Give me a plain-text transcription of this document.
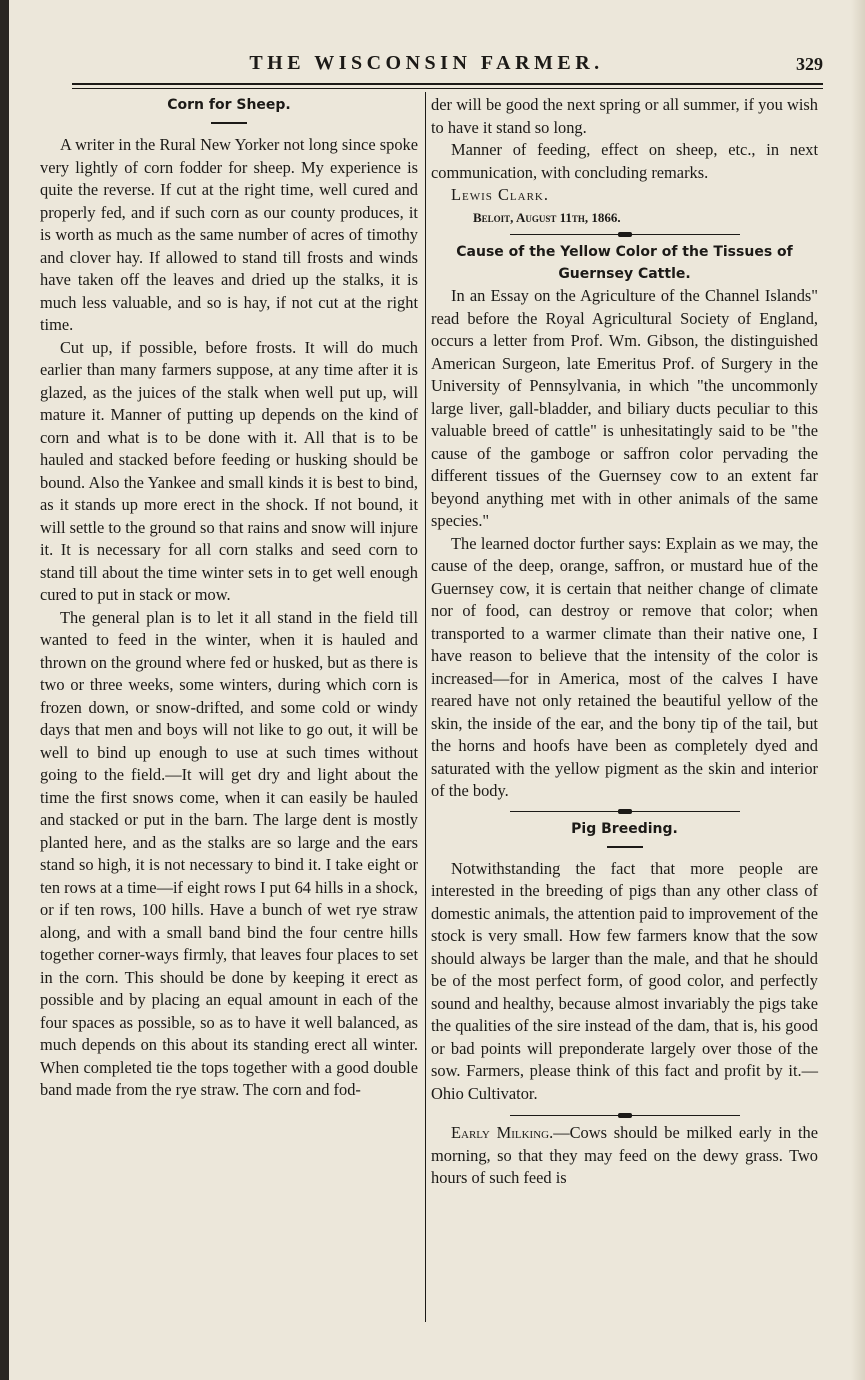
THE WISCONSIN FARMER.	329
Corn for Sheep.

A writer in the Rural New Yorker not long since spoke very lightly of corn fodder for sheep. My experience is quite the reverse. If cut at the right time, well cured and properly fed, and if such corn as our county produces, it is worth as much as the same number of acres of timothy and clover hay. If allowed to stand till frosts and winds have taken off the leaves and dried up the stalks, it is much less valuable, and so is hay, if not cut at the right time.

Cut up, if possible, before frosts. It will do much earlier than many farmers suppose, at any time after it is glazed, as the juices of the stalk when well put up, will mature it. Manner of putting up depends on the kind of corn and what is to be done with it. All that is to be hauled and stacked before feeding or husking should be bound. Also the Yankee and small kinds it is best to bind, as it stands up more erect in the shock. If not bound, it will settle to the ground so that rains and snow will injure it. It is necessary for all corn stalks and seed corn to stand till about the time winter sets in to get well enough cured to put in stack or mow.

The general plan is to let it all stand in the field till wanted to feed in the winter, when it is hauled and thrown on the ground where fed or husked, but as there is two or three weeks, some winters, during which corn is frozen down, or snow-drifted, and some cold or windy days that men and boys will not like to go out, it will be well to bind up enough to use at such times without going to the field.—It will get dry and light about the time the first snows come, when it can easily be hauled and stacked or put in the barn. The large dent is mostly planted here, and as the stalks are so large and the ears stand so high, it is not necessary to bind it. I take eight or ten rows at a time—if eight rows I put 64 hills in a shock, or if ten rows, 100 hills. Have a bunch of wet rye straw along, and with a small band bind the four centre hills together corner-ways firmly, that leaves four places to set in the corn. This should be done by keeping it erect as possible and by placing an equal amount in each of the four spaces as possible, so as to have it well balanced, as much depends on this about its standing erect all winter. When completed tie the tops together with a good double band made from the rye straw. The corn and fod-

der will be good the next spring or all summer, if you wish to have it stand so long.

Manner of feeding, effect on sheep, etc., in next communication, with concluding remarks.

Lewis Clark.

Beloit, August 11th, 1866.

Cause of the Yellow Color of the Tissues of Guernsey Cattle.

In an Essay on the Agriculture of the Channel Islands" read before the Royal Agricultural Society of England, occurs a letter from Prof. Wm. Gibson, the distinguished American Surgeon, late Emeritus Prof. of Surgery in the University of Pennsylvania, in which "the uncommonly large liver, gall-bladder, and biliary ducts peculiar to this valuable breed of cattle" is unhesitatingly said to be "the cause of the gamboge or saffron color pervading the different tissues of the Guernsey cow to an extent far beyond anything met with in other animals of the same species."

The learned doctor further says: Explain as we may, the cause of the deep, orange, saffron, or mustard hue of the Guernsey cow, it is certain that neither change of climate nor of food, can destroy or remove that color; when transported to a warmer climate than their native one, I have reason to believe that the intensity of the color is increased—for in America, most of the calves I have reared have not only retained the beautiful yellow of the skin, the inside of the ear, and the bony tip of the tail, but the horns and hoofs have been as completely dyed and saturated with the yellow pigment as the skin and interior of the body.

Pig Breeding.

Notwithstanding the fact that more people are interested in the breeding of pigs than any other class of domestic animals, the attention paid to improvement of the stock is very small. How few farmers know that the sow should always be larger than the male, and that he should be of the most perfect form, of good color, and perfectly sound and healthy, because almost invariably the pigs take the qualities of the sire instead of the dam, that is, his good or bad points will preponderate largely over those of the sow. Farmers, please think of this fact and profit by it.—Ohio Cultivator.

Early Milking.—Cows should be milked early in the morning, so that they may feed on the dewy grass. Two hours of such feed is
